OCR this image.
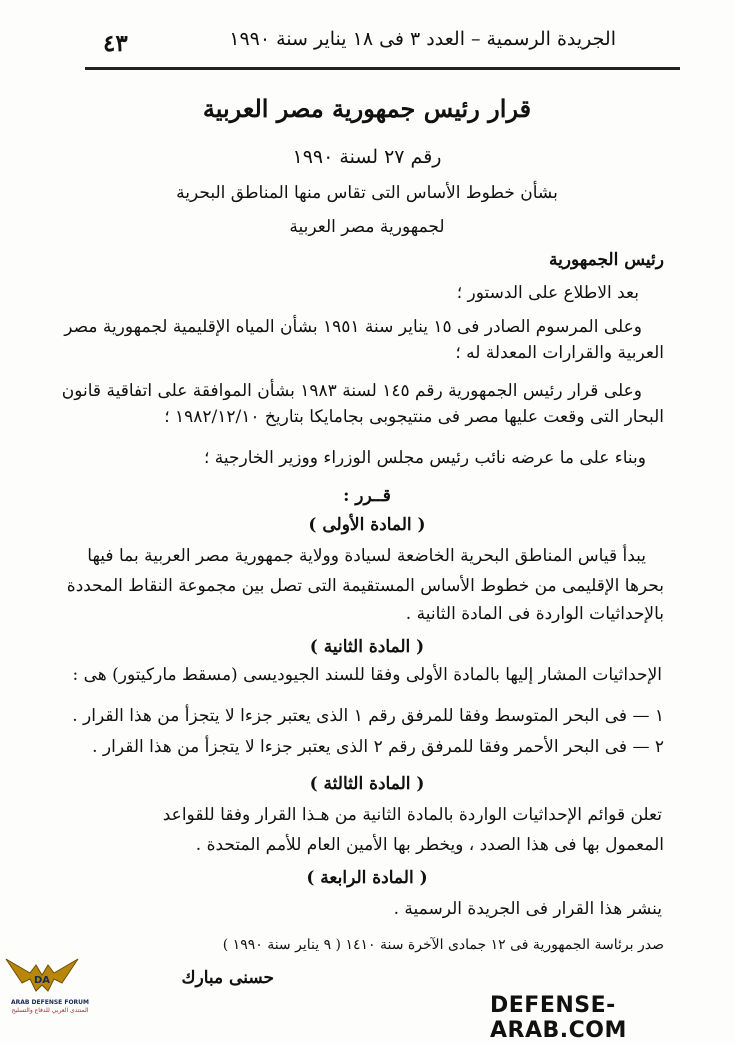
الجريدة الرسمية – العدد ٣ فى ١٨ يناير سنة ١٩٩٠
٤٣
قرار رئيس جمهورية مصر العربية
رقم ٢٧ لسنة ١٩٩٠
بشأن خطوط الأساس التى تقاس منها المناطق البحرية
لجمهورية مصر العربية
رئيس الجمهورية
بعد الاطلاع على الدستور ؛
وعلى المرسوم الصادر فى ١٥ يناير سنة ١٩٥١ بشأن المياه الإقليمية لجمهورية مصر
العربية والقرارات المعدلة له ؛
وعلى قرار رئيس الجمهورية رقم ١٤٥ لسنة ١٩٨٣ بشأن الموافقة على اتفاقية قانون
البحار التى وقعت عليها مصر فى منتيجوبى بجامايكا بتاريخ ١٩٨٢/١٢/١٠ ؛
وبناء على ما عرضه نائب رئيس مجلس الوزراء ووزير الخارجية ؛
قــرر :
( المادة الأولى )
يبدأ قياس المناطق البحرية الخاضعة لسيادة وولاية جمهورية مصر العربية بما فيها
بحرها الإقليمى من خطوط الأساس المستقيمة التى تصل بين مجموعة النقاط المحددة
بالإحداثيات الواردة فى المادة الثانية .
( المادة الثانية )
الإحداثيات المشار إليها بالمادة الأولى وفقا للسند الجيوديسى (مسقط ماركيتور) هى :
١ — فى البحر المتوسط وفقا للمرفق رقم ١ الذى يعتبر جزءا لا يتجزأ من هذا القرار .
٢ — فى البحر الأحمر وفقا للمرفق رقم ٢ الذى يعتبر جزءا لا يتجزأ من هذا القرار .
( المادة الثالثة )
تعلن قوائم الإحداثيات الواردة بالمادة الثانية من هـذا القرار وفقا للقواعد
المعمول بها فى هذا الصدد ، ويخطر بها الأمين العام للأمم المتحدة .
( المادة الرابعة )
ينشر هذا القرار فى الجريدة الرسمية .
صدر برئاسة الجمهورية فى ١٢ جمادى الآخرة سنة ١٤١٠ ( ٩ يناير سنة ١٩٩٠ )
حسنى مبارك
DA
ARAB DEFENSE FORUM
المنتدى العربي للدفاع والتسليح	DEFENSE-ARAB.COM
